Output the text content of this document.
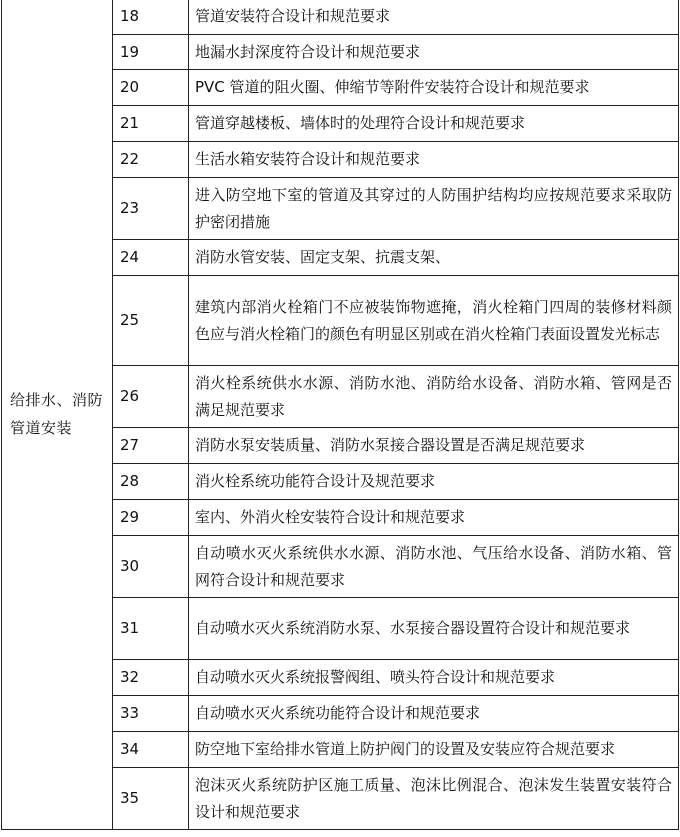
给排水、消防管道安装	18	管道安装符合设计和规范要求
	19	地漏水封深度符合设计和规范要求
	20	PVC 管道的阻火圈、伸缩节等附件安装符合设计和规范要求
	21	管道穿越楼板、墙体时的处理符合设计和规范要求
	22	生活水箱安装符合设计和规范要求
	23	进入防空地下室的管道及其穿过的人防围护结构均应按规范要求采取防护密闭措施
	24	消防水管安装、固定支架、抗震支架、
	25	建筑内部消火栓箱门不应被装饰物遮掩，消火栓箱门四周的装修材料颜色应与消火栓箱门的颜色有明显区别或在消火栓箱门表面设置发光标志
	26	消火栓系统供水水源、消防水池、消防给水设备、消防水箱、管网是否满足规范要求
	27	消防水泵安装质量、消防水泵接合器设置是否满足规范要求
	28	消火栓系统功能符合设计及规范要求
	29	室内、外消火栓安装符合设计和规范要求
	30	自动喷水灭火系统供水水源、消防水池、气压给水设备、消防水箱、管网符合设计和规范要求
	31	自动喷水灭火系统消防水泵、水泵接合器设置符合设计和规范要求
	32	自动喷水灭火系统报警阀组、喷头符合设计和规范要求
	33	自动喷水灭火系统功能符合设计和规范要求
	34	防空地下室给排水管道上防护阀门的设置及安装应符合规范要求
	35	泡沫灭火系统防护区施工质量、泡沫比例混合、泡沫发生装置安装符合设计和规范要求
